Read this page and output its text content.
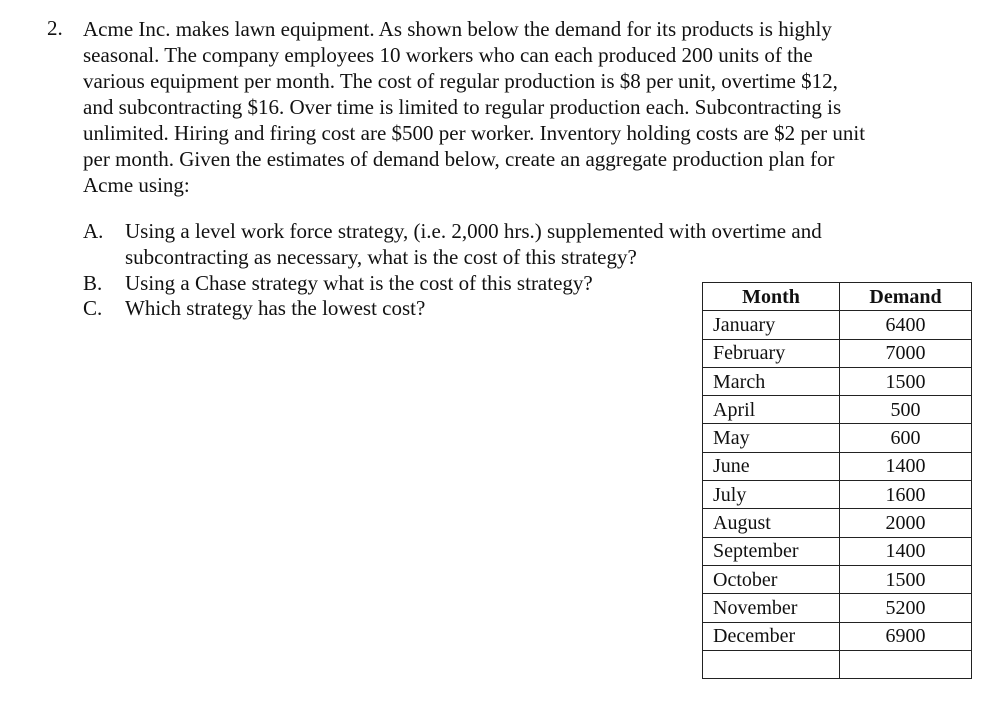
2. Acme Inc. makes lawn equipment. As shown below the demand for its products is highly
seasonal. The company employees 10 workers who can each produced 200 units of the
various equipment per month. The cost of regular production is $8 per unit, overtime $12,
and subcontracting $16. Over time is limited to regular production each. Subcontracting is
unlimited. Hiring and firing cost are $500 per worker. Inventory holding costs are $2 per unit
per month. Given the estimates of demand below, create an aggregate production plan for
Acme using:
A. Using a level work force strategy, (i.e. 2,000 hrs.) supplemented with overtime and
subcontracting as necessary, what is the cost of this strategy?
B. Using a Chase strategy what is the cost of this strategy?
C. Which strategy has the lowest cost?	Month	Demand
January	6400
February	7000
March	1500
April	500
May	600
June	1400
July	1600
August	2000
September	1400
October	1500
November	5200
December	6900
